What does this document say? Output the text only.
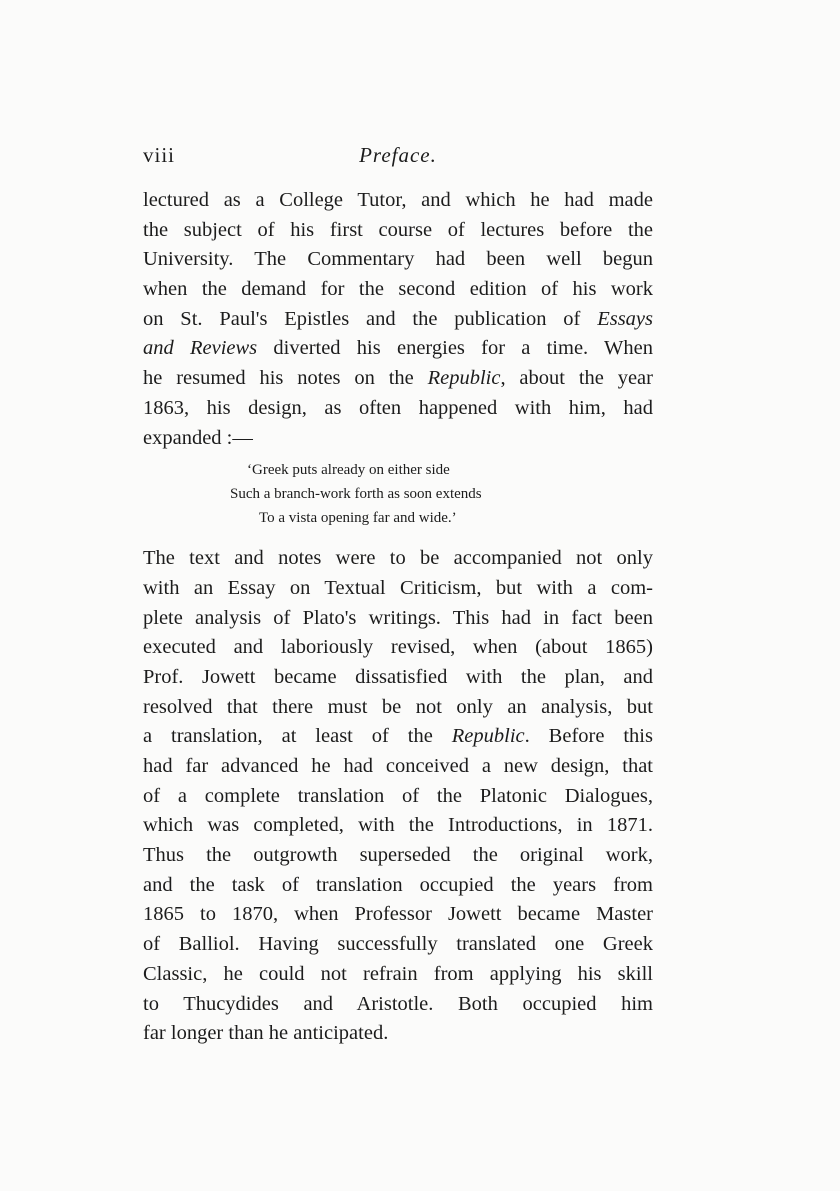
viii	Preface.

lectured as a College Tutor, and which he had made
the subject of his first course of lectures before the
University. The Commentary had been well begun
when the demand for the second edition of his work
on St. Paul's Epistles and the publication of Essays
and Reviews diverted his energies for a time. When
he resumed his notes on the Republic, about the year
1863, his design, as often happened with him, had
expanded :—

‘Greek puts already on either side
Such a branch-work forth as soon extends
To a vista opening far and wide.’

The text and notes were to be accompanied not only
with an Essay on Textual Criticism, but with a com-
plete analysis of Plato's writings. This had in fact been
executed and laboriously revised, when (about 1865)
Prof. Jowett became dissatisfied with the plan, and
resolved that there must be not only an analysis, but
a translation, at least of the Republic. Before this
had far advanced he had conceived a new design, that
of a complete translation of the Platonic Dialogues,
which was completed, with the Introductions, in 1871.
Thus the outgrowth superseded the original work,
and the task of translation occupied the years from
1865 to 1870, when Professor Jowett became Master
of Balliol. Having successfully translated one Greek
Classic, he could not refrain from applying his skill
to Thucydides and Aristotle. Both occupied him
far longer than he anticipated.
